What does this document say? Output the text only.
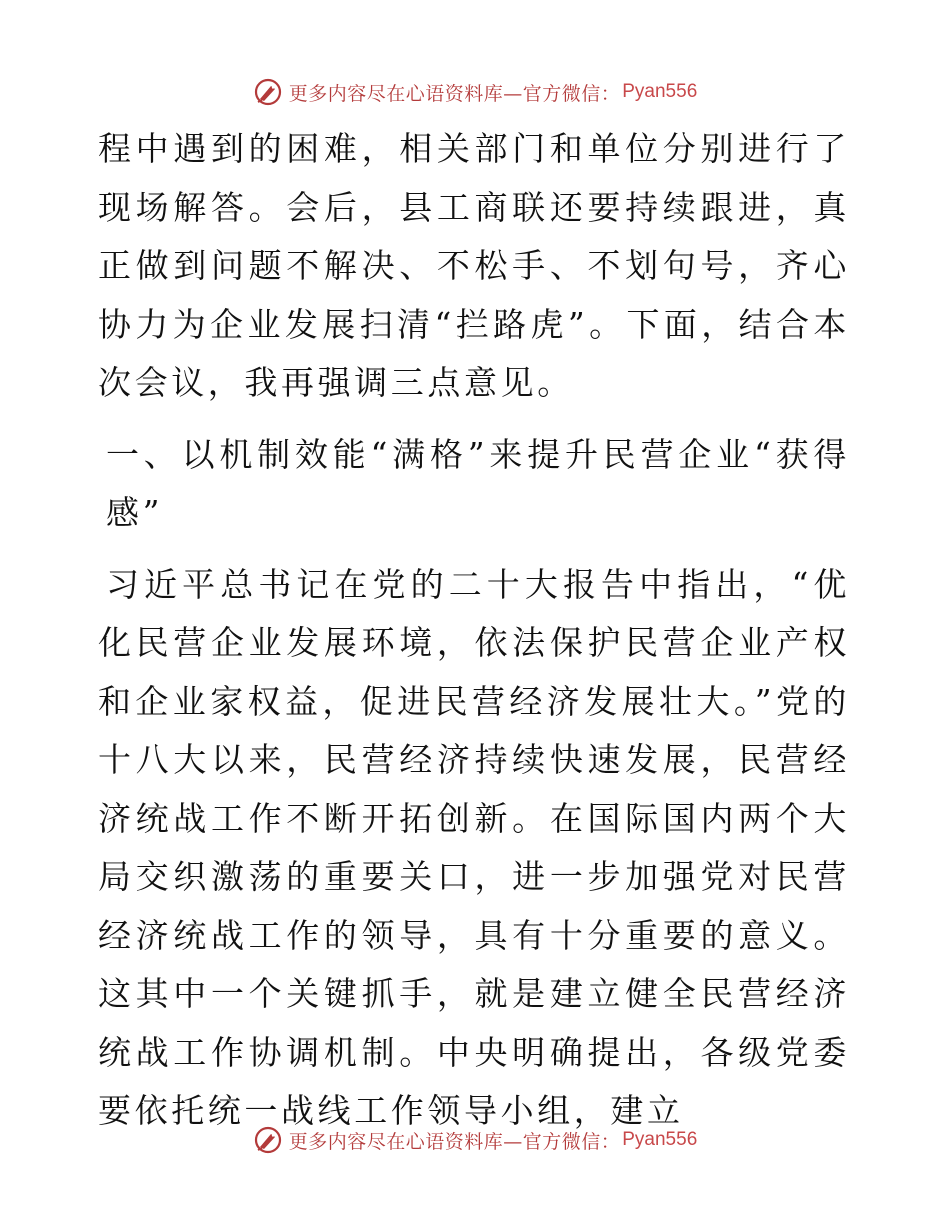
更多内容尽在心语资料库—官方微信： Pyan556

程中遇到的困难，相关部门和单位分别进行了现场解答。会后，县工商联还要持续跟进，真正做到问题不解决、不松手、不划句号，齐心协力为企业发展扫清“拦路虎”。下面，结合本次会议，我再强调三点意见。

一、以机制效能“满格”来提升民营企业“获得感”

习近平总书记在党的二十大报告中指出，“优化民营企业发展环境，依法保护民营企业产权和企业家权益，促进民营经济发展壮大。”党的十八大以来，民营经济持续快速发展，民营经济统战工作不断开拓创新。在国际国内两个大局交织激荡的重要关口，进一步加强党对民营经济统战工作的领导，具有十分重要的意义。这其中一个关键抓手，就是建立健全民营经济统战工作协调机制。中央明确提出，各级党委要依托统一战线工作领导小组，建立

更多内容尽在心语资料库—官方微信： Pyan556
